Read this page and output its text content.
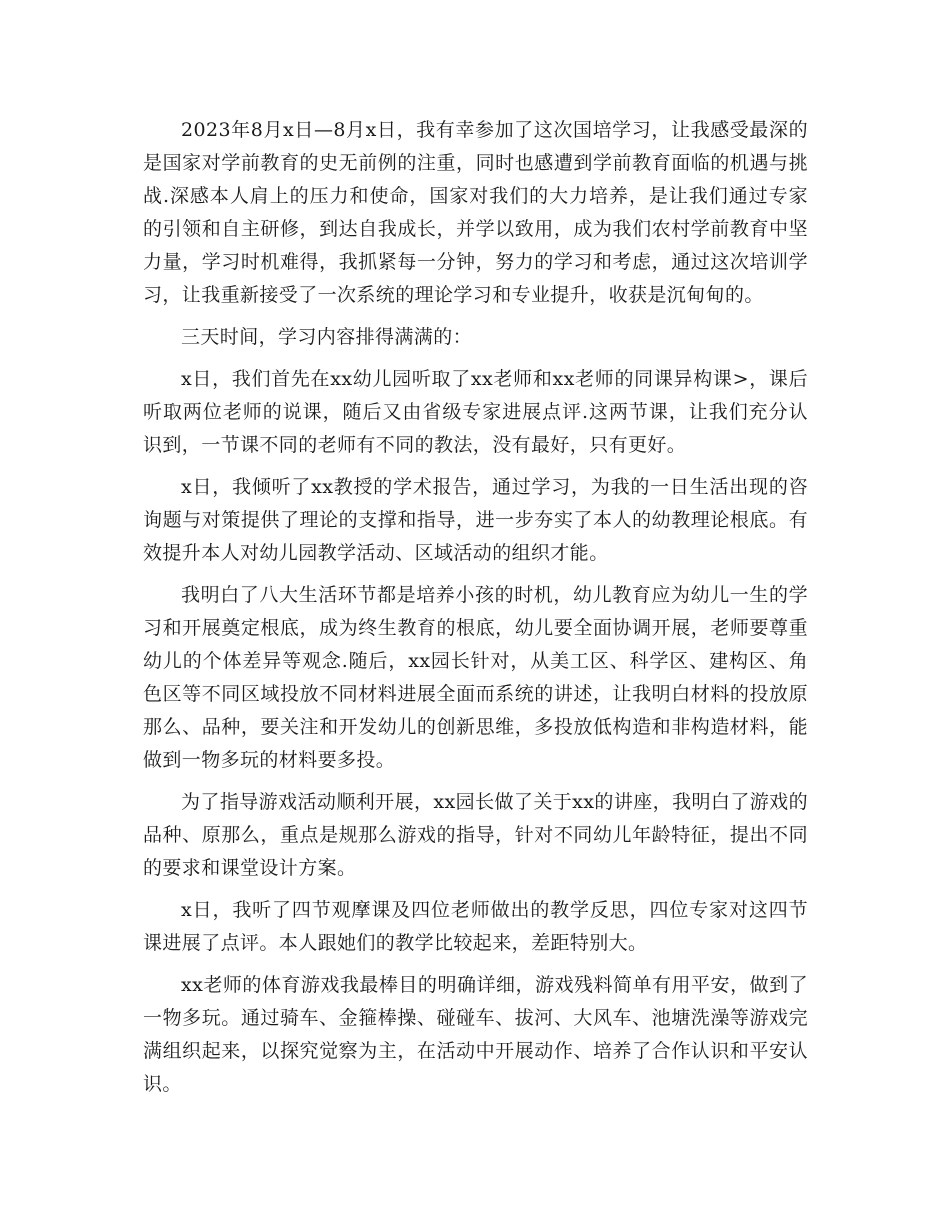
2023年8月x日—8月x日，我有幸参加了这次国培学习，让我感受最深的是国家对学前教育的史无前例的注重，同时也感遭到学前教育面临的机遇与挑战.深感本人肩上的压力和使命，国家对我们的大力培养，是让我们通过专家的引领和自主研修，到达自我成长，并学以致用，成为我们农村学前教育中坚力量，学习时机难得，我抓紧每一分钟，努力的学习和考虑，通过这次培训学习，让我重新接受了一次系统的理论学习和专业提升，收获是沉甸甸的。

三天时间，学习内容排得满满的：

x日，我们首先在xx幼儿园听取了xx老师和xx老师的同课异构课>，课后听取两位老师的说课，随后又由省级专家进展点评.这两节课，让我们充分认识到，一节课不同的老师有不同的教法，没有最好，只有更好。

x日，我倾听了xx教授的学术报告，通过学习，为我的一日生活出现的咨询题与对策提供了理论的支撑和指导，进一步夯实了本人的幼教理论根底。有效提升本人对幼儿园教学活动、区域活动的组织才能。

我明白了八大生活环节都是培养小孩的时机，幼儿教育应为幼儿一生的学习和开展奠定根底，成为终生教育的根底，幼儿要全面协调开展，老师要尊重幼儿的个体差异等观念.随后，xx园长针对，从美工区、科学区、建构区、角色区等不同区域投放不同材料进展全面而系统的讲述，让我明白材料的投放原那么、品种，要关注和开发幼儿的创新思维，多投放低构造和非构造材料，能做到一物多玩的材料要多投。

为了指导游戏活动顺利开展，xx园长做了关于xx的讲座，我明白了游戏的品种、原那么，重点是规那么游戏的指导，针对不同幼儿年龄特征，提出不同的要求和课堂设计方案。

x日，我听了四节观摩课及四位老师做出的教学反思，四位专家对这四节课进展了点评。本人跟她们的教学比较起来，差距特别大。

xx老师的体育游戏我最棒目的明确详细，游戏残料简单有用平安，做到了一物多玩。通过骑车、金箍棒操、碰碰车、拔河、大风车、池塘洗澡等游戏完满组织起来，以探究觉察为主，在活动中开展动作、培养了合作认识和平安认识。
